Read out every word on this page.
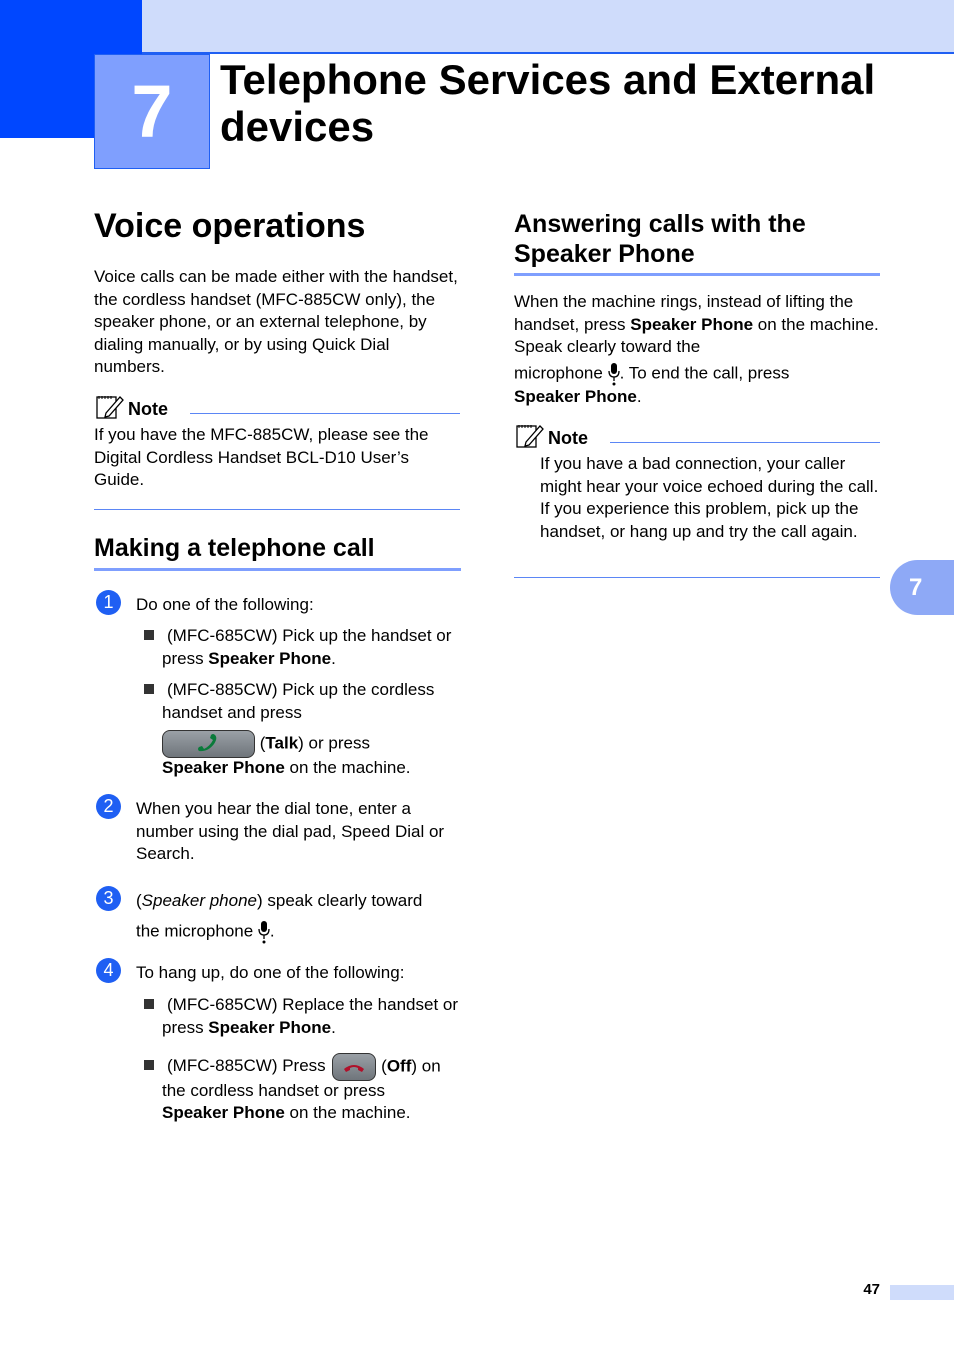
7	Telephone Services and External devices
Voice operations
Voice calls can be made either with the handset, the cordless handset (MFC-885CW only), the speaker phone, or an external telephone, by dialing manually, or by using Quick Dial numbers.
Note
If you have the MFC-885CW, please see the Digital Cordless Handset BCL-D10 User’s Guide.
Making a telephone call
1	Do one of the following:
(MFC-685CW) Pick up the handset or press Speaker Phone.
(MFC-885CW) Pick up the cordless handset and press
(Talk) or press
Speaker Phone on the machine.
2	When you hear the dial tone, enter a number using the dial pad, Speed Dial or Search.
3	(Speaker phone) speak clearly toward
the microphone .
4	To hang up, do one of the following:
(MFC-685CW) Replace the handset or press Speaker Phone.
(MFC-885CW) Press	(Off) on
the cordless handset or press
Speaker Phone on the machine.
Answering calls with the
Speaker Phone
When the machine rings, instead of lifting the handset, press Speaker Phone on the machine. Speak clearly toward the
microphone . To end the call, press
Speaker Phone.
Note
If you have a bad connection, your caller might hear your voice echoed during the call. If you experience this problem, pick up the handset, or hang up and try the call again.
7
47
